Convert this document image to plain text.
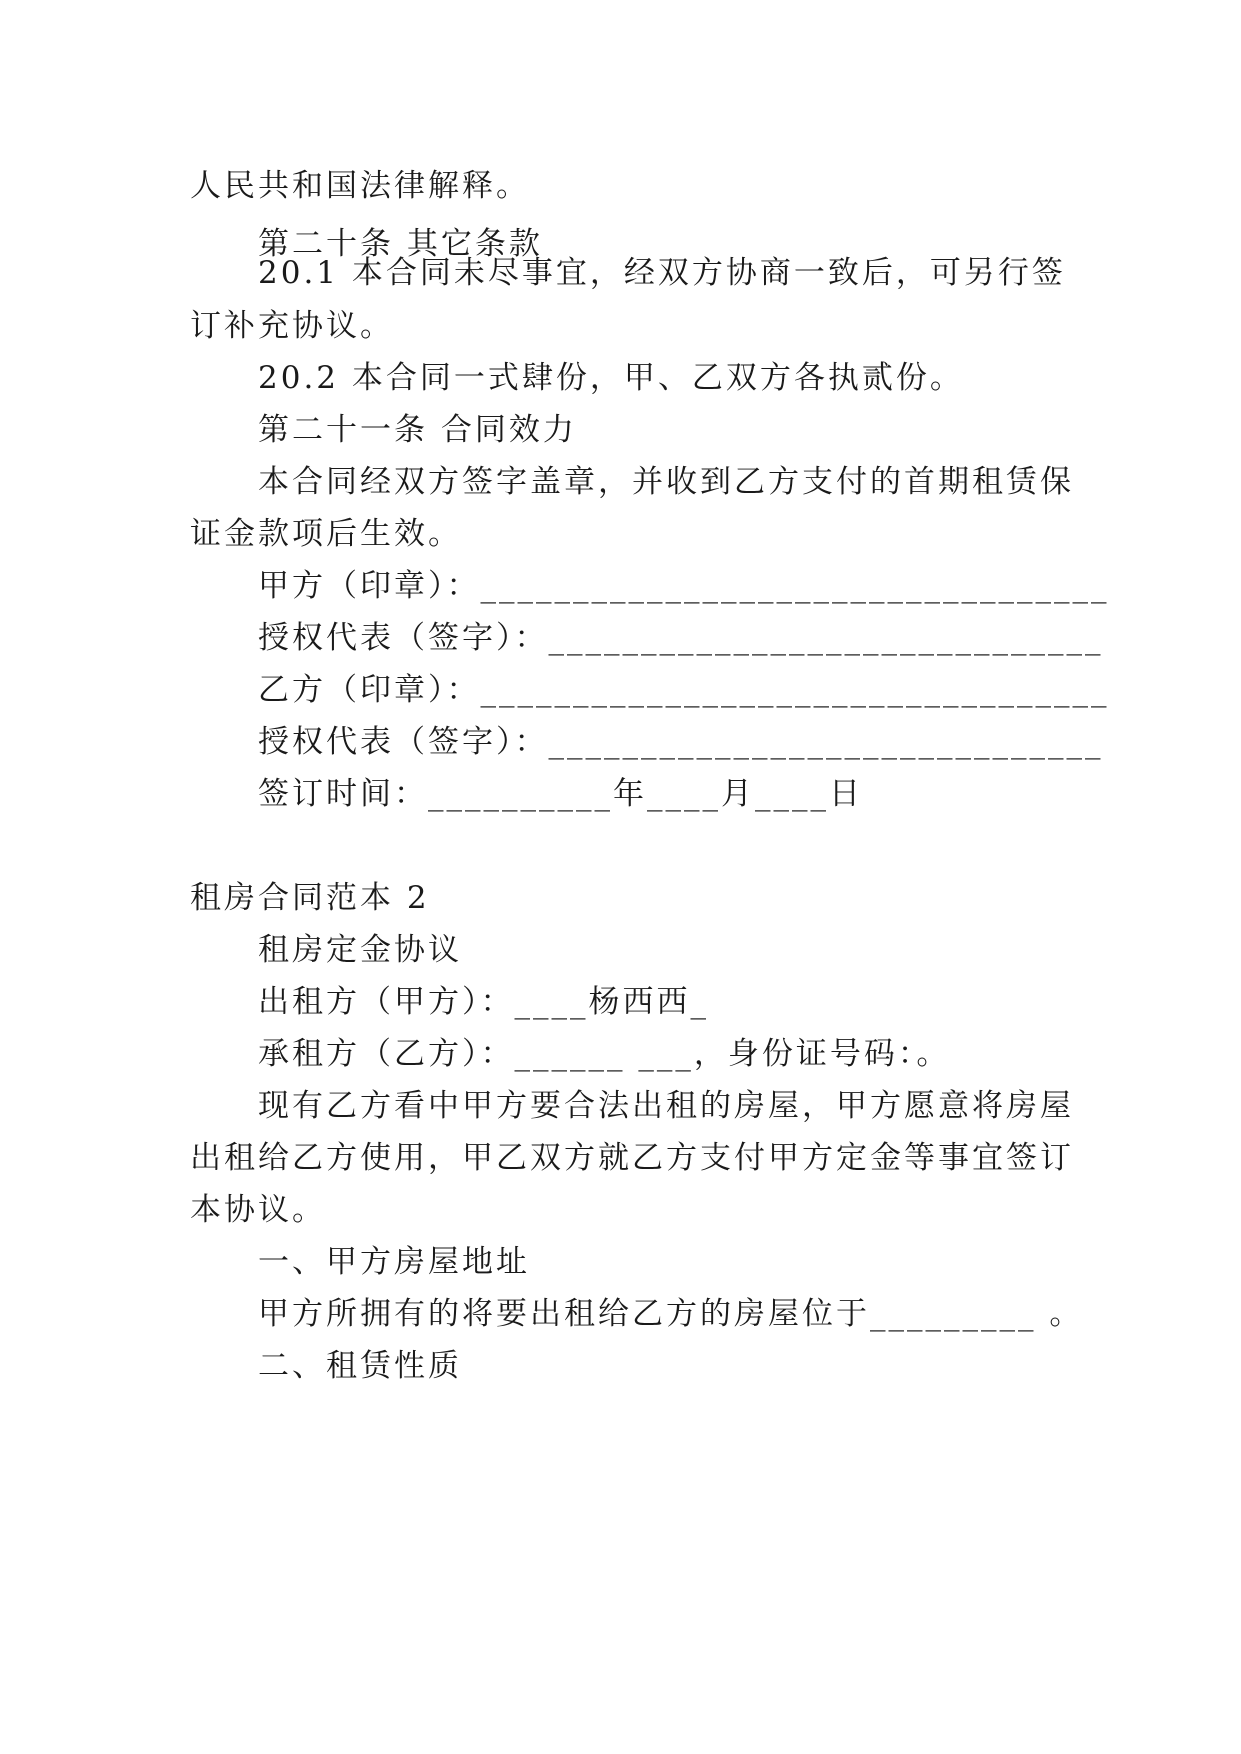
人民共和国法律解释。
第二十条 其它条款
20.1 本合同未尽事宜，经双方协商一致后，可另行签
订补充协议。
20.2 本合同一式肆份，甲、乙双方各执贰份。
第二十一条 合同效力
本合同经双方签字盖章，并收到乙方支付的首期租赁保
证金款项后生效。
甲方（印章）：__________________________________
授权代表（签字）：______________________________
乙方（印章）：__________________________________
授权代表（签字）：______________________________
签订时间：__________年____月____日
租房合同范本 2
租房定金协议
出租方（甲方）：____杨西西_
承租方（乙方）：______ ___，身份证号码：。
现有乙方看中甲方要合法出租的房屋，甲方愿意将房屋
出租给乙方使用，甲乙双方就乙方支付甲方定金等事宜签订
本协议。
一、甲方房屋地址
甲方所拥有的将要出租给乙方的房屋位于_________ 。
二、租赁性质
